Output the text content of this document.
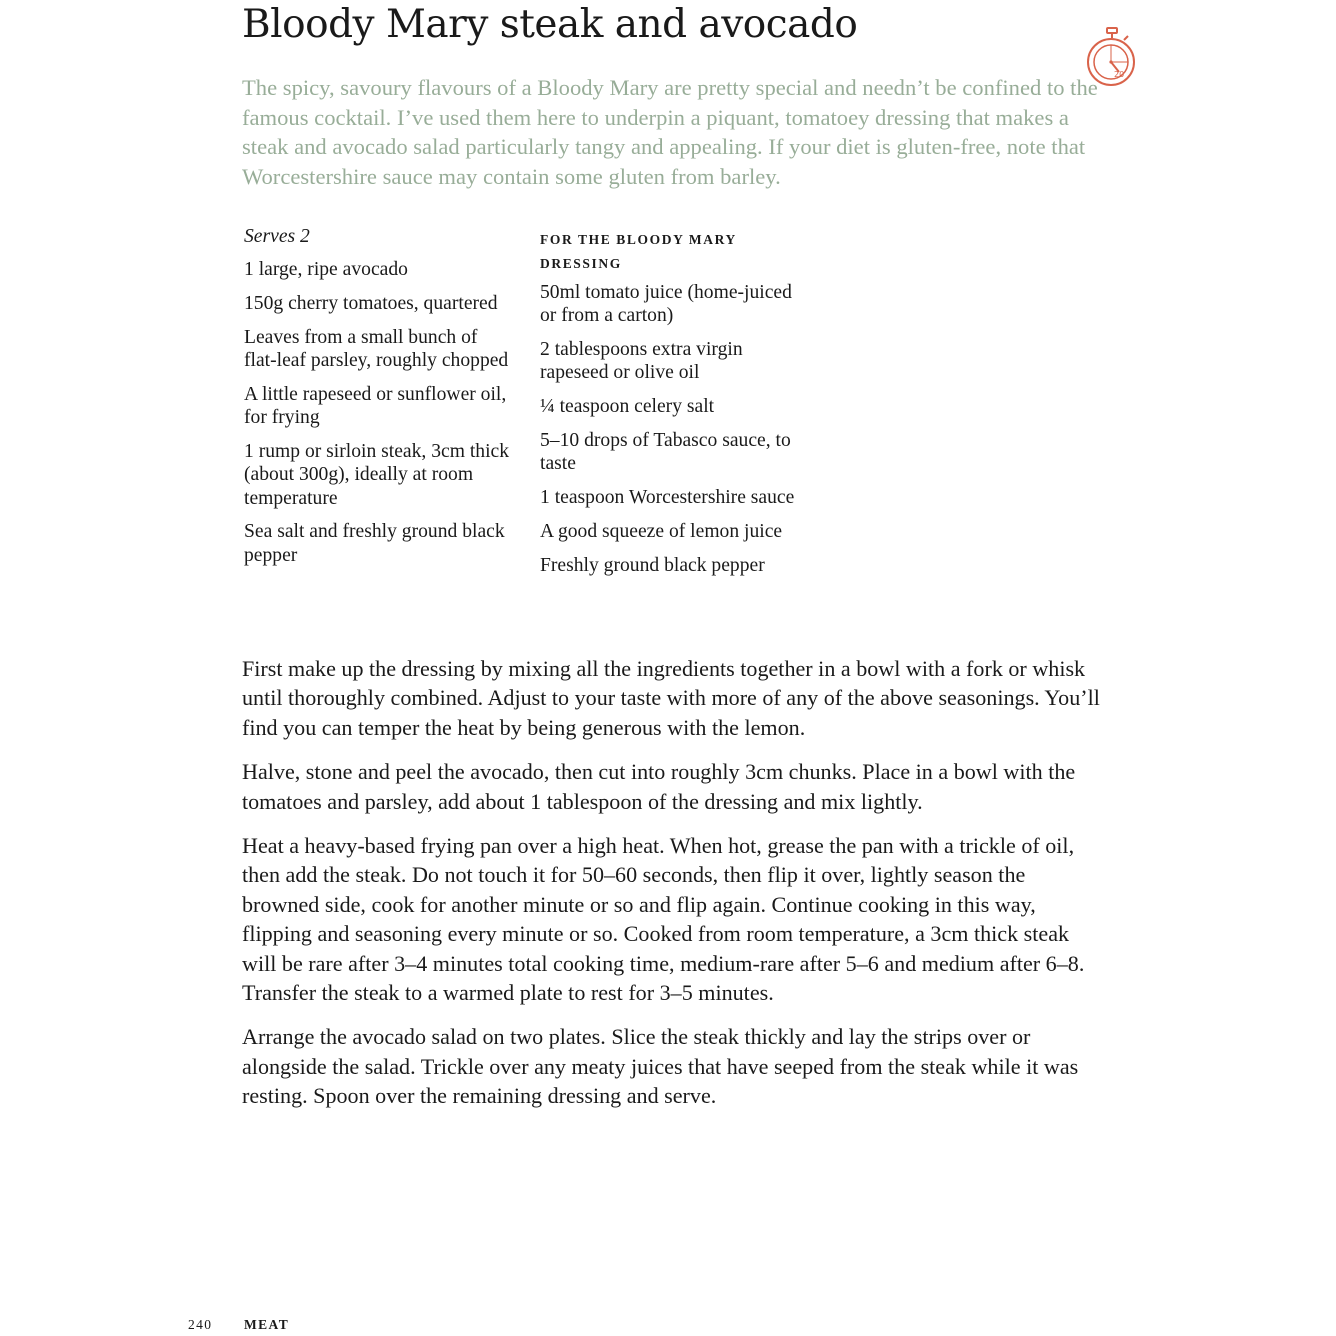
Bloody Mary steak and avocado
20

The spicy, savoury flavours of a Bloody Mary are pretty special and needn’t be confined to the famous cocktail. I’ve used them here to underpin a piquant, tomatoey dressing that makes a steak and avocado salad particularly tangy and appealing. If your diet is gluten-free, note that Worcestershire sauce may contain some gluten from barley.

Serves 2
1 large, ripe avocado
150g cherry tomatoes, quartered
Leaves from a small bunch of flat-leaf parsley, roughly chopped
A little rapeseed or sunflower oil, for frying
1 rump or sirloin steak, 3cm thick (about 300g), ideally at room temperature
Sea salt and freshly ground black pepper
FOR THE BLOODY MARY DRESSING
50ml tomato juice (home-juiced or from a carton)
2 tablespoons extra virgin rapeseed or olive oil
¼ teaspoon celery salt
5–10 drops of Tabasco sauce, to taste
1 teaspoon Worcestershire sauce
A good squeeze of lemon juice
Freshly ground black pepper

First make up the dressing by mixing all the ingredients together in a bowl with a fork or whisk until thoroughly combined. Adjust to your taste with more of any of the above seasonings. You’ll find you can temper the heat by being generous with the lemon.

Halve, stone and peel the avocado, then cut into roughly 3cm chunks. Place in a bowl with the tomatoes and parsley, add about 1 tablespoon of the dressing and mix lightly.

Heat a heavy-based frying pan over a high heat. When hot, grease the pan with a trickle of oil, then add the steak. Do not touch it for 50–60 seconds, then flip it over, lightly season the browned side, cook for another minute or so and flip again. Continue cooking in this way, flipping and seasoning every minute or so. Cooked from room temperature, a 3cm thick steak will be rare after 3–4 minutes total cooking time, medium-rare after 5–6 and medium after 6–8. Transfer the steak to a warmed plate to rest for 3–5 minutes.

Arrange the avocado salad on two plates. Slice the steak thickly and lay the strips over or alongside the salad. Trickle over any meaty juices that have seeped from the steak while it was resting. Spoon over the remaining dressing and serve.

240 MEAT
